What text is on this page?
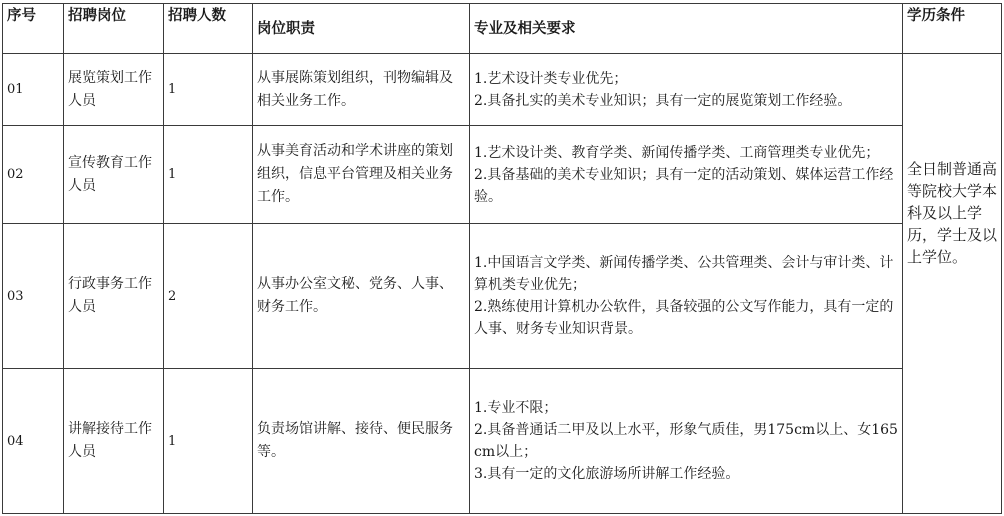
序号	招聘岗位	招聘人数	岗位职责	专业及相关要求	学历条件
01	展览策划工作人员	1	从事展陈策划组织，刊物编辑及相关业务工作。	1.艺术设计类专业优先；
2.具备扎实的美术专业知识；具有一定的展览策划工作经验。	全日制普通高等院校大学本科及以上学历，学士及以上学位。
02	宣传教育工作人员	1	从事美育活动和学术讲座的策划组织，信息平台管理及相关业务工作。	1.艺术设计类、教育学类、新闻传播学类、工商管理类专业优先；
2.具备基础的美术专业知识；具有一定的活动策划、媒体运营工作经验。	

03	行政事务工作人员	2	从事办公室文秘、党务、人事、财务工作。	1.中国语言文学类、新闻传播学类、公共管理类、会计与审计类、计算机类专业优先；
2.熟练使用计算机办公软件，具备较强的公文写作能力，具有一定的人事、财务专业知识背景。	

04	讲解接待工作人员	1	负责场馆讲解、接待、便民服务等。	1.专业不限；
2.具备普通话二甲及以上水平，形象气质佳，男175cm以上、女165cm以上；
3.具有一定的文化旅游场所讲解工作经验。	
